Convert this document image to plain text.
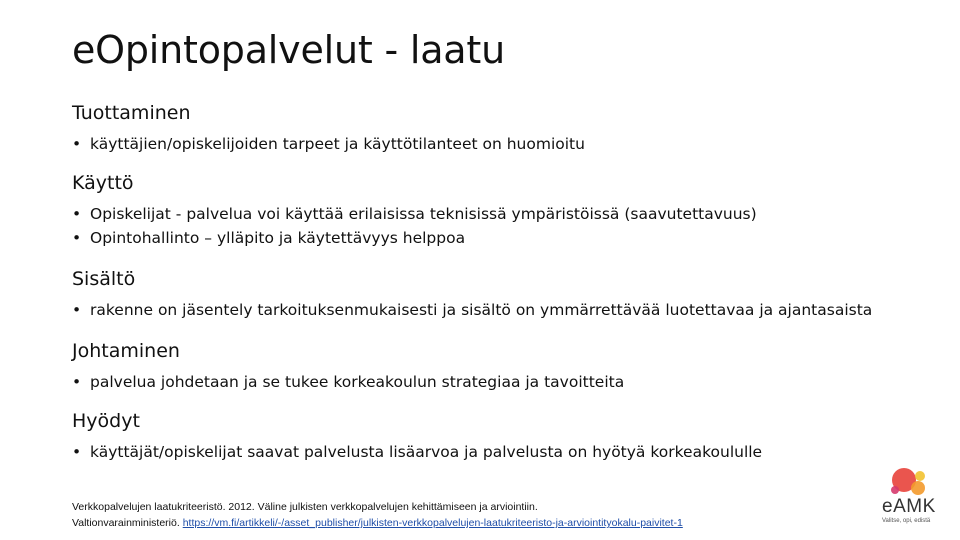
eOpintopalvelut - laatu
Tuottaminen
• käyttäjien/opiskelijoiden tarpeet ja käyttötilanteet on huomioitu
Käyttö
• Opiskelijat - palvelua voi käyttää erilaisissa teknisissä ympäristöissä (saavutettavuus)
• Opintohallinto – ylläpito ja käytettävyys helppoa
Sisältö
• rakenne on jäsentely tarkoituksenmukaisesti ja sisältö on ymmärrettävää luotettavaa ja ajantasaista
Johtaminen
• palvelua johdetaan ja se tukee korkeakoulun strategiaa ja tavoitteita
Hyödyt
• käyttäjät/opiskelijat saavat palvelusta lisäarvoa ja palvelusta on hyötyä korkeakoululle
Verkkopalvelujen laatukriteeristö. 2012. Väline julkisten verkkopalvelujen kehittämiseen ja arviointiin.
Valtionvarainministeriö. https://vm.fi/artikkeli/-/asset_publisher/julkisten-verkkopalvelujen-laatukriteeristo-ja-arviointityokalu-paivitet-1
eAMK
Valitse, opi, edistä
